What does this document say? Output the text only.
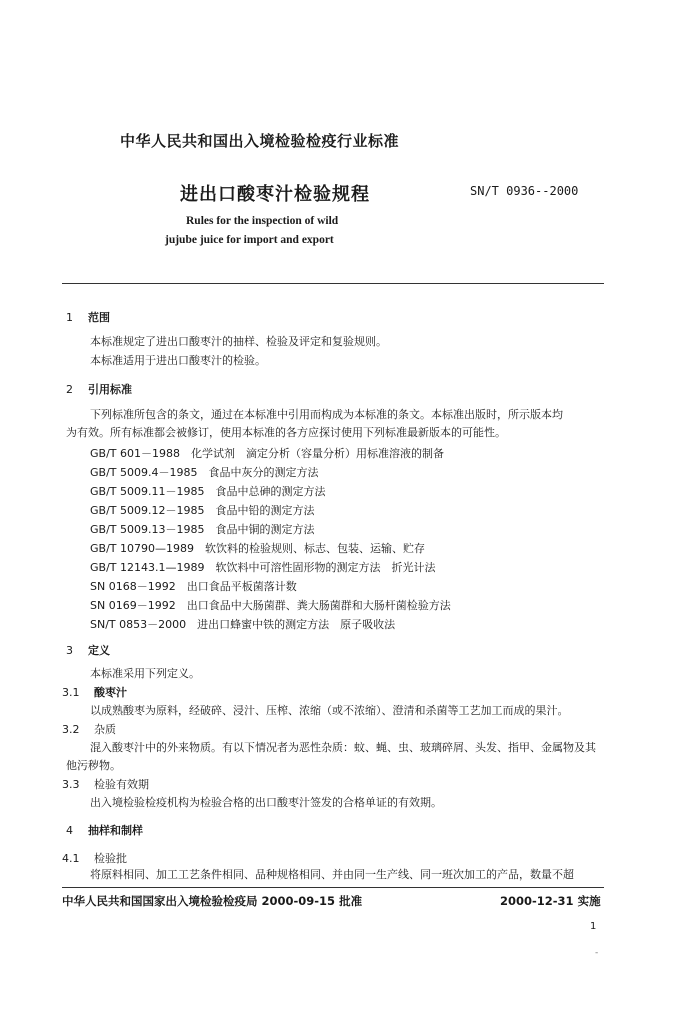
中华人民共和国出入境检验检疫行业标准
进出口酸枣汁检验规程	SN/T 0936--2000
Rules for the inspection of wild
jujube juice for import and export
1 范围
本标准规定了进出口酸枣汁的抽样、检验及评定和复验规则。
本标准适用于进出口酸枣汁的检验。
2 引用标准
下列标准所包含的条文，通过在本标准中引用而构成为本标准的条文。本标准出版时，所示版本均
为有效。所有标准都会被修订，使用本标准的各方应探讨使用下列标准最新版本的可能性。
GB/T 601－1988　化学试剂　滴定分析（容量分析）用标准溶液的制备
GB/T 5009.4－1985　食品中灰分的测定方法
GB/T 5009.11－1985　食品中总砷的测定方法
GB/T 5009.12－1985　食品中铅的测定方法
GB/T 5009.13－1985　食品中铜的测定方法
GB/T 10790—1989　软饮料的检验规则、标志、包装、运输、贮存
GB/T 12143.1—1989　软饮料中可溶性固形物的测定方法　折光计法
SN 0168－1992　出口食品平板菌落计数
SN 0169－1992　出口食品中大肠菌群、粪大肠菌群和大肠杆菌检验方法
SN/T 0853－2000　进出口蜂蜜中铁的测定方法　原子吸收法
3 定义
本标准采用下列定义。
3.1 酸枣汁
以成熟酸枣为原料，经破碎、浸汁、压榨、浓缩（或不浓缩）、澄清和杀菌等工艺加工而成的果汁。
3.2 杂质
混入酸枣汁中的外来物质。有以下情况者为恶性杂质：蚊、蝇、虫、玻璃碎屑、头发、指甲、金属物及其
他污秽物。
3.3 检验有效期
出入境检验检疫机构为检验合格的出口酸枣汁签发的合格单证的有效期。
4 抽样和制样
4.1 检验批
将原料相同、加工工艺条件相同、品种规格相同、并由同一生产线、同一班次加工的产品，数量不超
中华人民共和国国家出入境检验检疫局 2000-09-15 批准	2000-12-31 实施
1
-
